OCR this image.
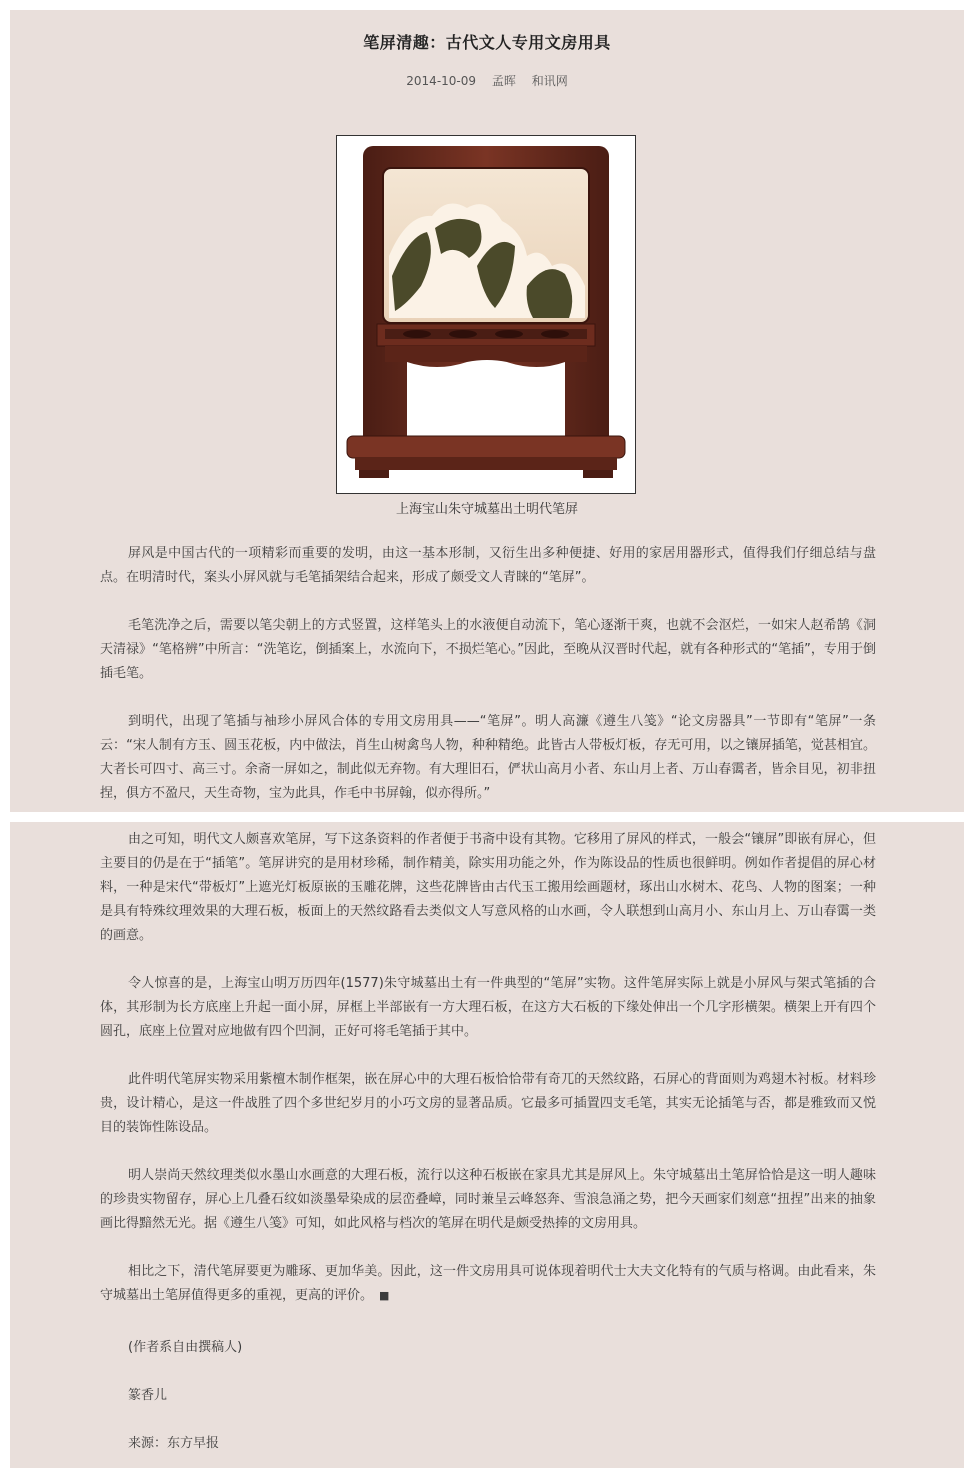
笔屏清趣：古代文人专用文房用具
2014-10-09 孟晖 和讯网
上海宝山朱守城墓出土明代笔屏

屏风是中国古代的一项精彩而重要的发明，由这一基本形制，又衍生出多种便捷、好用的家居用器形式，值得我们仔细总结与盘点。在明清时代，案头小屏风就与毛笔插架结合起来，形成了颇受文人青睐的“笔屏”。

毛笔洗净之后，需要以笔尖朝上的方式竖置，这样笔头上的水液便自动流下，笔心逐渐干爽，也就不会沤烂，一如宋人赵希鹄《洞天清禄》“笔格辨”中所言：“洗笔讫，倒插案上，水流向下，不损烂笔心。”因此，至晚从汉晋时代起，就有各种形式的“笔插”，专用于倒插毛笔。

到明代，出现了笔插与袖珍小屏风合体的专用文房用具——“笔屏”。明人高濂《遵生八笺》“论文房器具”一节即有“笔屏”一条云：“宋人制有方玉、圆玉花板，内中做法，肖生山树禽鸟人物，种种精绝。此皆古人带板灯板，存无可用，以之镶屏插笔，觉甚相宜。大者长可四寸、高三寸。余斋一屏如之，制此似无弃物。有大理旧石，俨状山高月小者、东山月上者、万山春霭者，皆余目见，初非扭捏，俱方不盈尺，天生奇物，宝为此具，作毛中书屏翰，似亦得所。”

由之可知，明代文人颇喜欢笔屏，写下这条资料的作者便于书斋中设有其物。它移用了屏风的样式，一般会“镶屏”即嵌有屏心，但主要目的仍是在于“插笔”。笔屏讲究的是用材珍稀，制作精美，除实用功能之外，作为陈设品的性质也很鲜明。例如作者提倡的屏心材料，一种是宋代“带板灯”上遮光灯板原嵌的玉雕花牌，这些花牌皆由古代玉工搬用绘画题材，琢出山水树木、花鸟、人物的图案；一种是具有特殊纹理效果的大理石板，板面上的天然纹路看去类似文人写意风格的山水画，令人联想到山高月小、东山月上、万山春霭一类的画意。

令人惊喜的是，上海宝山明万历四年(1577)朱守城墓出土有一件典型的“笔屏”实物。这件笔屏实际上就是小屏风与架式笔插的合体，其形制为长方底座上升起一面小屏，屏框上半部嵌有一方大理石板，在这方大石板的下缘处伸出一个几字形横架。横架上开有四个圆孔，底座上位置对应地做有四个凹洞，正好可将毛笔插于其中。

此件明代笔屏实物采用紫檀木制作框架，嵌在屏心中的大理石板恰恰带有奇兀的天然纹路，石屏心的背面则为鸡翅木衬板。材料珍贵，设计精心，是这一件战胜了四个多世纪岁月的小巧文房的显著品质。它最多可插置四支毛笔，其实无论插笔与否，都是雅致而又悦目的装饰性陈设品。

明人崇尚天然纹理类似水墨山水画意的大理石板，流行以这种石板嵌在家具尤其是屏风上。朱守城墓出土笔屏恰恰是这一明人趣味的珍贵实物留存，屏心上几叠石纹如淡墨晕染成的层峦叠嶂，同时兼呈云峰怒奔、雪浪急涌之势，把今天画家们刻意“扭捏”出来的抽象画比得黯然无光。据《遵生八笺》可知，如此风格与档次的笔屏在明代是颇受热捧的文房用具。

相比之下，清代笔屏要更为雕琢、更加华美。因此，这一件文房用具可说体现着明代士大夫文化特有的气质与格调。由此看来，朱守城墓出土笔屏值得更多的重视，更高的评价。 ■

(作者系自由撰稿人)
篆香儿
来源：东方早报
